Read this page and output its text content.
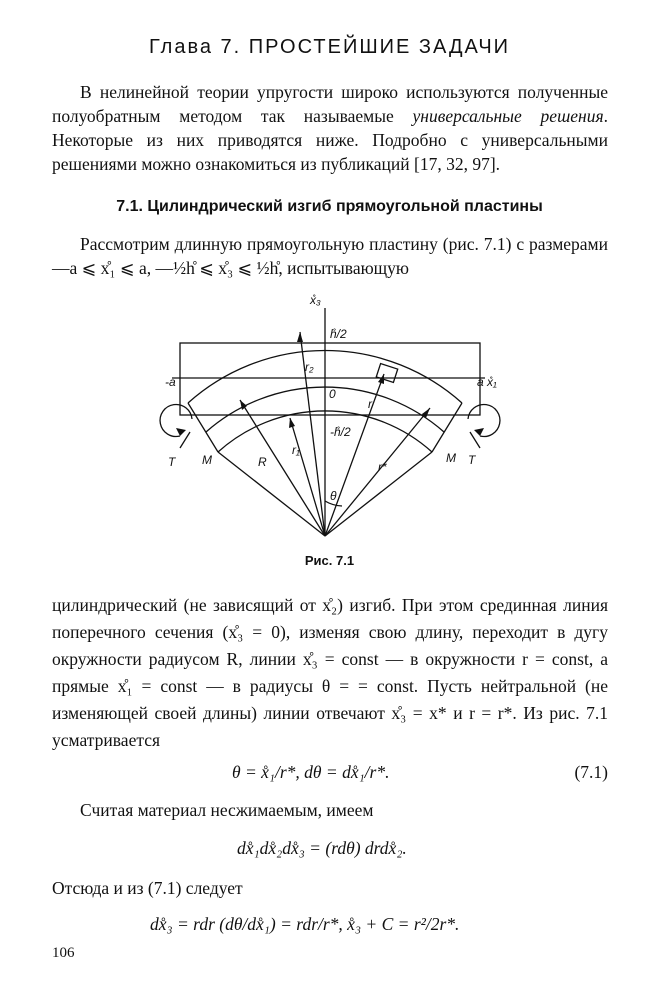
Глава 7. ПРОСТЕЙШИЕ ЗАДАЧИ

В нелинейной теории упругости широко используются полученные полуобратным методом так называемые универсальные решения. Некоторые из них приводятся ниже. Подробно с универсальными решениями можно ознакомиться из публикаций [17, 32, 97].

7.1. Цилиндрический изгиб прямоугольной пластины

Рассмотрим длинную прямоугольную пластину (рис. 7.1) с размерами —a ⩽ x̊₁ ⩽ a, —½h̊ ⩽ x̊₃ ⩽ ½h̊, испытывающую

x̊₃
h̊/2
-h̊/2
r₂
r₁
r
R	r*
θ
-a	a x̊₁
0
T M	M T
Рис. 7.1

цилиндрический (не зависящий от x̊₂) изгиб. При этом срединная линия поперечного сечения (x̊₃ = 0), изменяя свою длину, переходит в дугу окружности радиусом R, линии x̊₃ = const — в окружности r = const, а прямые x̊₁ = const — в радиусы θ = = const. Пусть нейтральной (не изменяющей своей длины) линии отвечают x̊₃ = x* и r = r*. Из рис. 7.1 усматривается

θ = x̊₁/r*, dθ = dx̊₁/r*.	(7.1)

Считая материал несжимаемым, имеем

dx̊₁dx̊₂dx̊₃ = (rdθ) drdx̊₂.

Отсюда и из (7.1) следует

dx̊₃ = rdr (dθ/dx̊₁) = rdr/r*, x̊₃ + C = r²/2r*.
106
